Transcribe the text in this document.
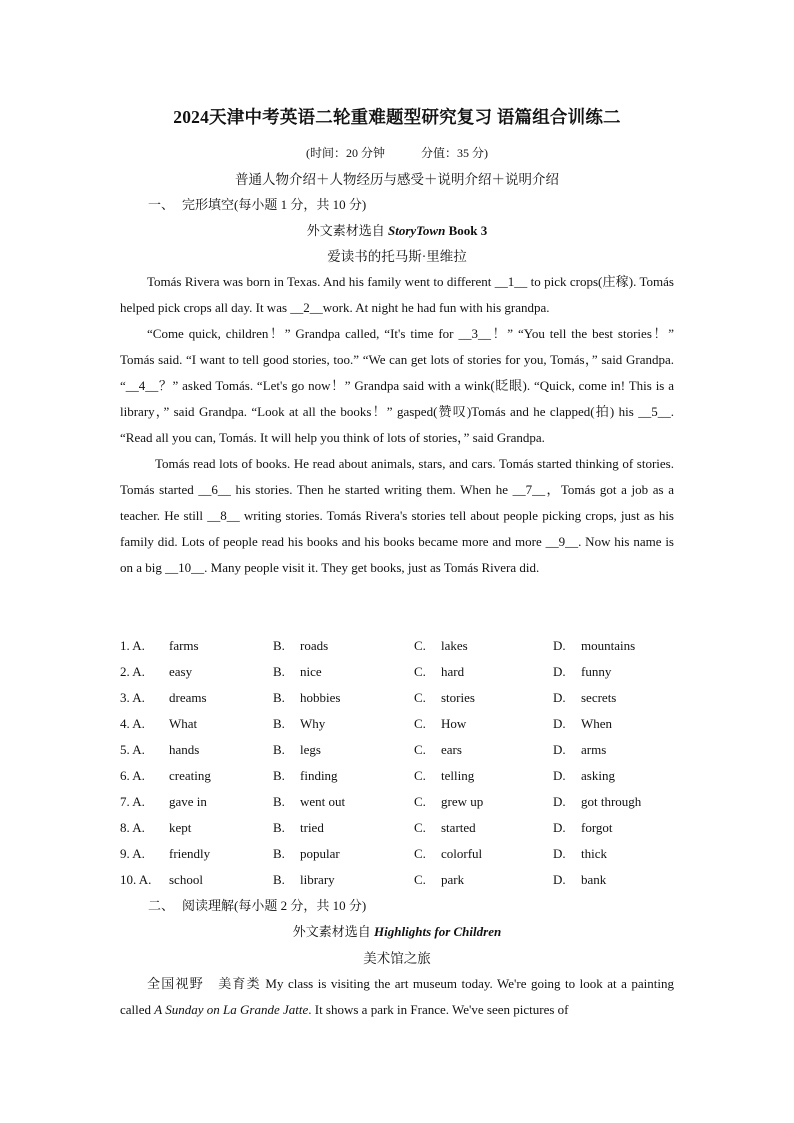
2024天津中考英语二轮重难题型研究复习 语篇组合训练二
(时间：20 分钟	分值：35 分)
普通人物介绍＋人物经历与感受＋说明介绍＋说明介绍
一、 完形填空(每小题 1 分，共 10 分)
外文素材选自 StoryTown Book 3
爱读书的托马斯·里维拉

Tomás Rivera was born in Texas. And his family went to different __1__ to pick crops(庄稼). Tomás helped pick crops all day. It was __2__work. At night he had fun with his grandpa.

“Come quick, children！” Grandpa called, “It's time for __3__！” “You tell the best stories！” Tomás said. “I want to tell good stories, too.” “We can get lots of stories for you, Tomás，” said Grandpa. “__4__？” asked Tomás. “Let's go now！” Grandpa said with a wink(眨眼). “Quick, come in! This is a library，” said Grandpa. “Look at all the books！” gasped(赞叹)Tomás and he clapped(拍) his __5__. “Read all you can, Tomás. It will help you think of lots of stories，” said Grandpa.

Tomás read lots of books. He read about animals, stars, and cars. Tomás started thinking of stories. Tomás started __6__ his stories. Then he started writing them. When he __7__，Tomás got a job as a teacher. He still __8__ writing stories. Tomás Rivera's stories tell about people picking crops, just as his family did. Lots of people read his books and his books became more and more __9__. Now his name is on a big __10__. Many people visit it. They get books, just as Tomás Rivera did.

1. A. farms	B. roads	C. lakes	D. mountains
2. A. easy	B. nice	C. hard	D. funny
3. A. dreams	B. hobbies	C. stories	D. secrets
4. A. What	B. Why	C. How	D. When
5. A. hands	B. legs	C. ears	D. arms
6. A. creating	B. finding	C. telling	D. asking
7. A. gave in	B. went out	C. grew up	D. got through
8. A. kept	B. tried	C. started	D. forgot
9. A. friendly	B. popular	C. colorful	D. thick
10. A. school	B. library	C. park	D. bank
二、 阅读理解(每小题 2 分，共 10 分)
外文素材选自 Highlights for Children
美术馆之旅

全国视野　美育类 My class is visiting the art museum today. We're going to look at a painting called A Sunday on La Grande Jatte. It shows a park in France. We've seen pictures of
